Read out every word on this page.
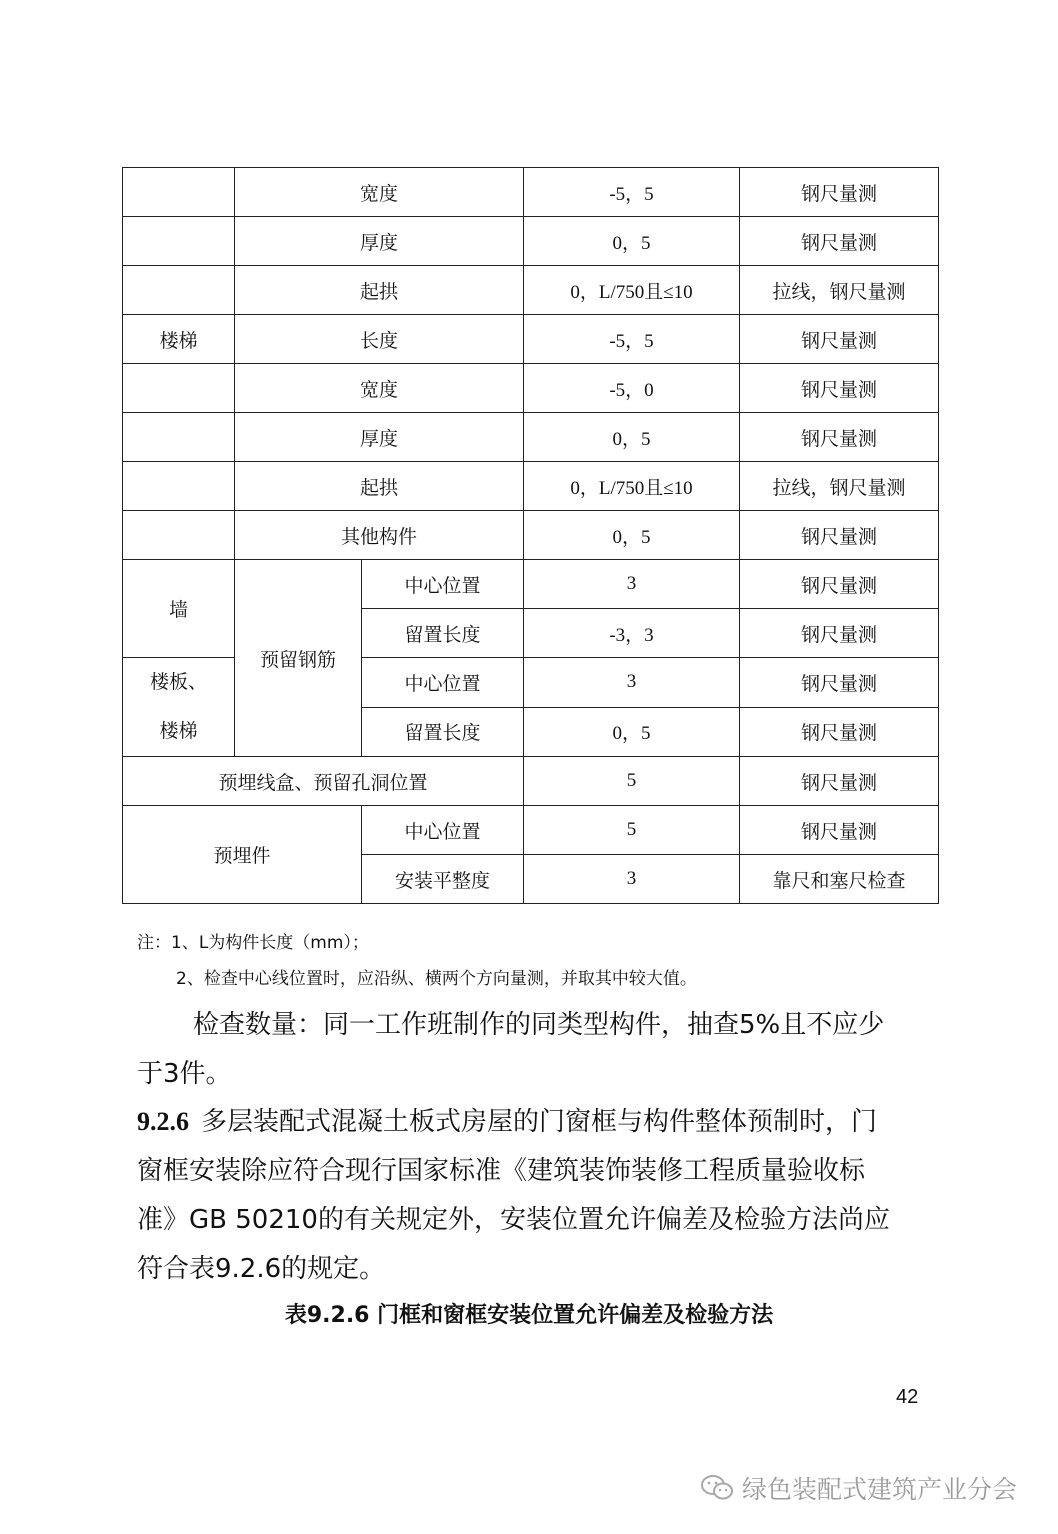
	宽度		-5，5	钢尺量测
	厚度		0，5	钢尺量测
	起拱		0，L/750且≤10	拉线，钢尺量测
楼梯	长度		-5，5	钢尺量测
	宽度		-5，0	钢尺量测
	厚度		0，5	钢尺量测
	起拱		0，L/750且≤10	拉线，钢尺量测
	其他构件		0，5	钢尺量测
墙	预留钢筋	中心位置	3	钢尺量测
		留置长度	-3，3	钢尺量测

楼板、
楼梯		中心位置	3	钢尺量测
		留置长度	0，5	钢尺量测
预埋线盒、预留孔洞位置			5	钢尺量测
预埋件		中心位置	5	钢尺量测
		安装平整度	3	靠尺和塞尺检查
注：1、L为构件长度（mm）；
2、检查中心线位置时，应沿纵、横两个方向量测，并取其中较大值。
检查数量：同一工作班制作的同类型构件，抽查5%且不应少
于3件。
9.2.6 多层装配式混凝土板式房屋的门窗框与构件整体预制时，门
窗框安装除应符合现行国家标准《建筑装饰装修工程质量验收标
准》GB 50210的有关规定外，安装位置允许偏差及检验方法尚应
符合表9.2.6的规定。
表9.2.6 门框和窗框安装位置允许偏差及检验方法
42
绿色装配式建筑产业分会
